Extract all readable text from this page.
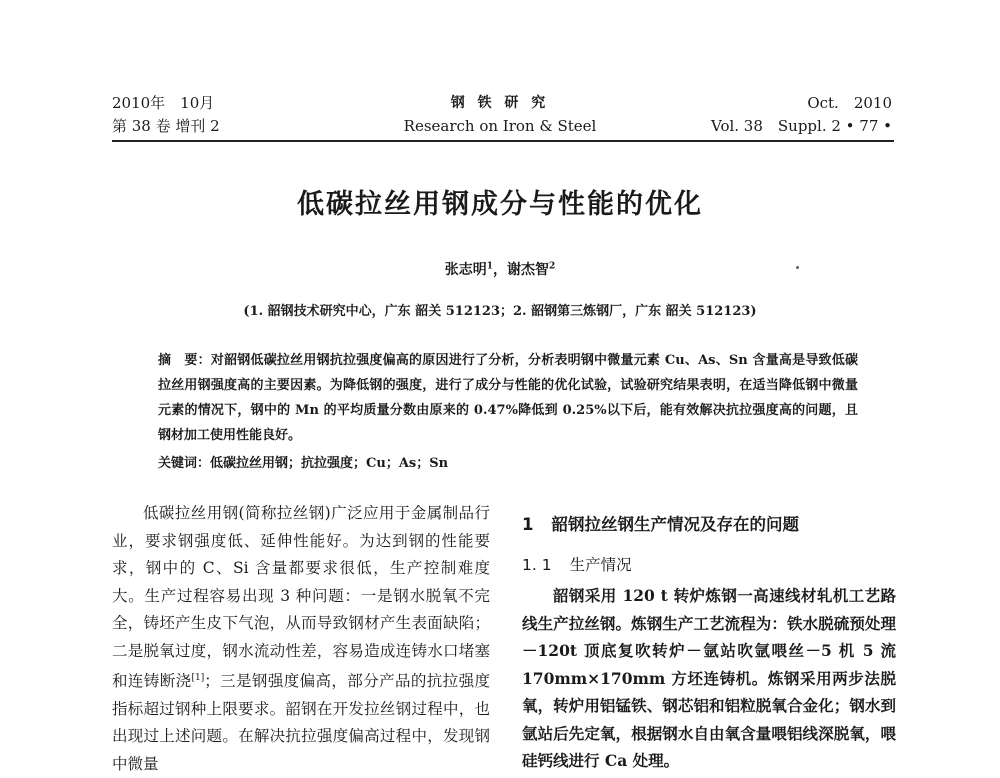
2010年　10月
第 38 卷 增刊 2
钢 铁 研 究
Research on Iron & Steel
Oct.　2010
Vol. 38　Suppl. 2 • 77 •
低碳拉丝用钢成分与性能的优化
张志明$^1$，谢杰智$^2$
(1. 韶钢技术研究中心，广东 韶关 512123；2. 韶钢第三炼钢厂，广东 韶关 512123)
摘　要：对韶钢低碳拉丝用钢抗拉强度偏高的原因进行了分析，分析表明钢中微量元素 Cu、As、Sn 含量高是导致低碳拉丝用钢强度高的主要因素。为降低钢的强度，进行了成分与性能的优化试验，试验研究结果表明，在适当降低钢中微量元素的情况下，钢中的 Mn 的平均质量分数由原来的 0.47%降低到 0.25%以下后，能有效解决抗拉强度高的问题，且钢材加工使用性能良好。
关键词：低碳拉丝用钢；抗拉强度；Cu；As；Sn

低碳拉丝用钢(简称拉丝钢)广泛应用于金属制品行业，要求钢强度低、延伸性能好。为达到钢的性能要求，钢中的 C、Si 含量都要求很低，生产控制难度大。生产过程容易出现 3 种问题：一是钢水脱氧不完全，铸坯产生皮下气泡，从而导致钢材产生表面缺陷；二是脱氧过度，钢水流动性差，容易造成连铸水口堵塞和连铸断浇[1]；三是钢强度偏高，部分产品的抗拉强度指标超过钢种上限要求。韶钢在开发拉丝钢过程中，也出现过上述问题。在解决抗拉强度偏高过程中，发现钢中微量

1 韶钢拉丝钢生产情况及存在的问题
1. 1 生产情况

韶钢采用 120 t 转炉炼钢一高速线材轧机工艺路线生产拉丝钢。炼钢生产工艺流程为：铁水脱硫预处理－120t 顶底复吹转炉－氩站吹氩喂丝－5 机 5 流 170mm×170mm 方坯连铸机。炼钢采用两步法脱氧，转炉用铝锰铁、钢芯铝和铝粒脱氧合金化；钢水到氩站后先定氧，根据钢水自由氧含量喂铝线深脱氧，喂硅钙线进行 Ca 处理。
